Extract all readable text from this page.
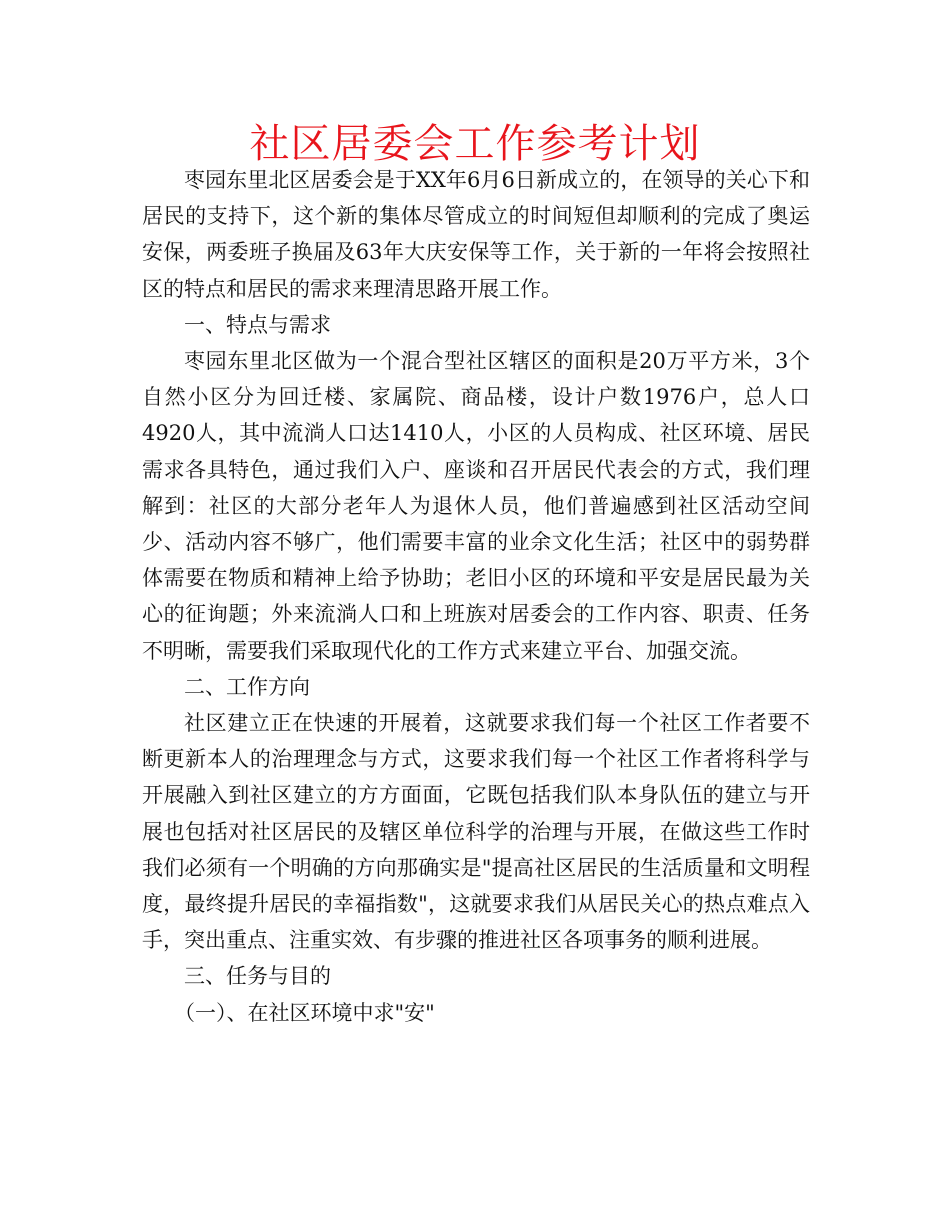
社区居委会工作参考计划

枣园东里北区居委会是于XX年6月6日新成立的，在领导的关心下和居民的支持下，这个新的集体尽管成立的时间短但却顺利的完成了奥运安保，两委班子换届及63年大庆安保等工作，关于新的一年将会按照社区的特点和居民的需求来理清思路开展工作。

一、特点与需求

枣园东里北区做为一个混合型社区辖区的面积是20万平方米，3个自然小区分为回迁楼、家属院、商品楼，设计户数1976户，总人口4920人，其中流淌人口达1410人，小区的人员构成、社区环境、居民需求各具特色，通过我们入户、座谈和召开居民代表会的方式，我们理解到：社区的大部分老年人为退休人员，他们普遍感到社区活动空间少、活动内容不够广，他们需要丰富的业余文化生活；社区中的弱势群体需要在物质和精神上给予协助；老旧小区的环境和平安是居民最为关心的征询题；外来流淌人口和上班族对居委会的工作内容、职责、任务不明晰，需要我们采取现代化的工作方式来建立平台、加强交流。

二、工作方向

社区建立正在快速的开展着，这就要求我们每一个社区工作者要不断更新本人的治理理念与方式，这要求我们每一个社区工作者将科学与开展融入到社区建立的方方面面，它既包括我们队本身队伍的建立与开展也包括对社区居民的及辖区单位科学的治理与开展，在做这些工作时我们必须有一个明确的方向那确实是"提高社区居民的生活质量和文明程度，最终提升居民的幸福指数"，这就要求我们从居民关心的热点难点入手，突出重点、注重实效、有步骤的推进社区各项事务的顺利进展。

三、任务与目的

（一）、在社区环境中求"安"
